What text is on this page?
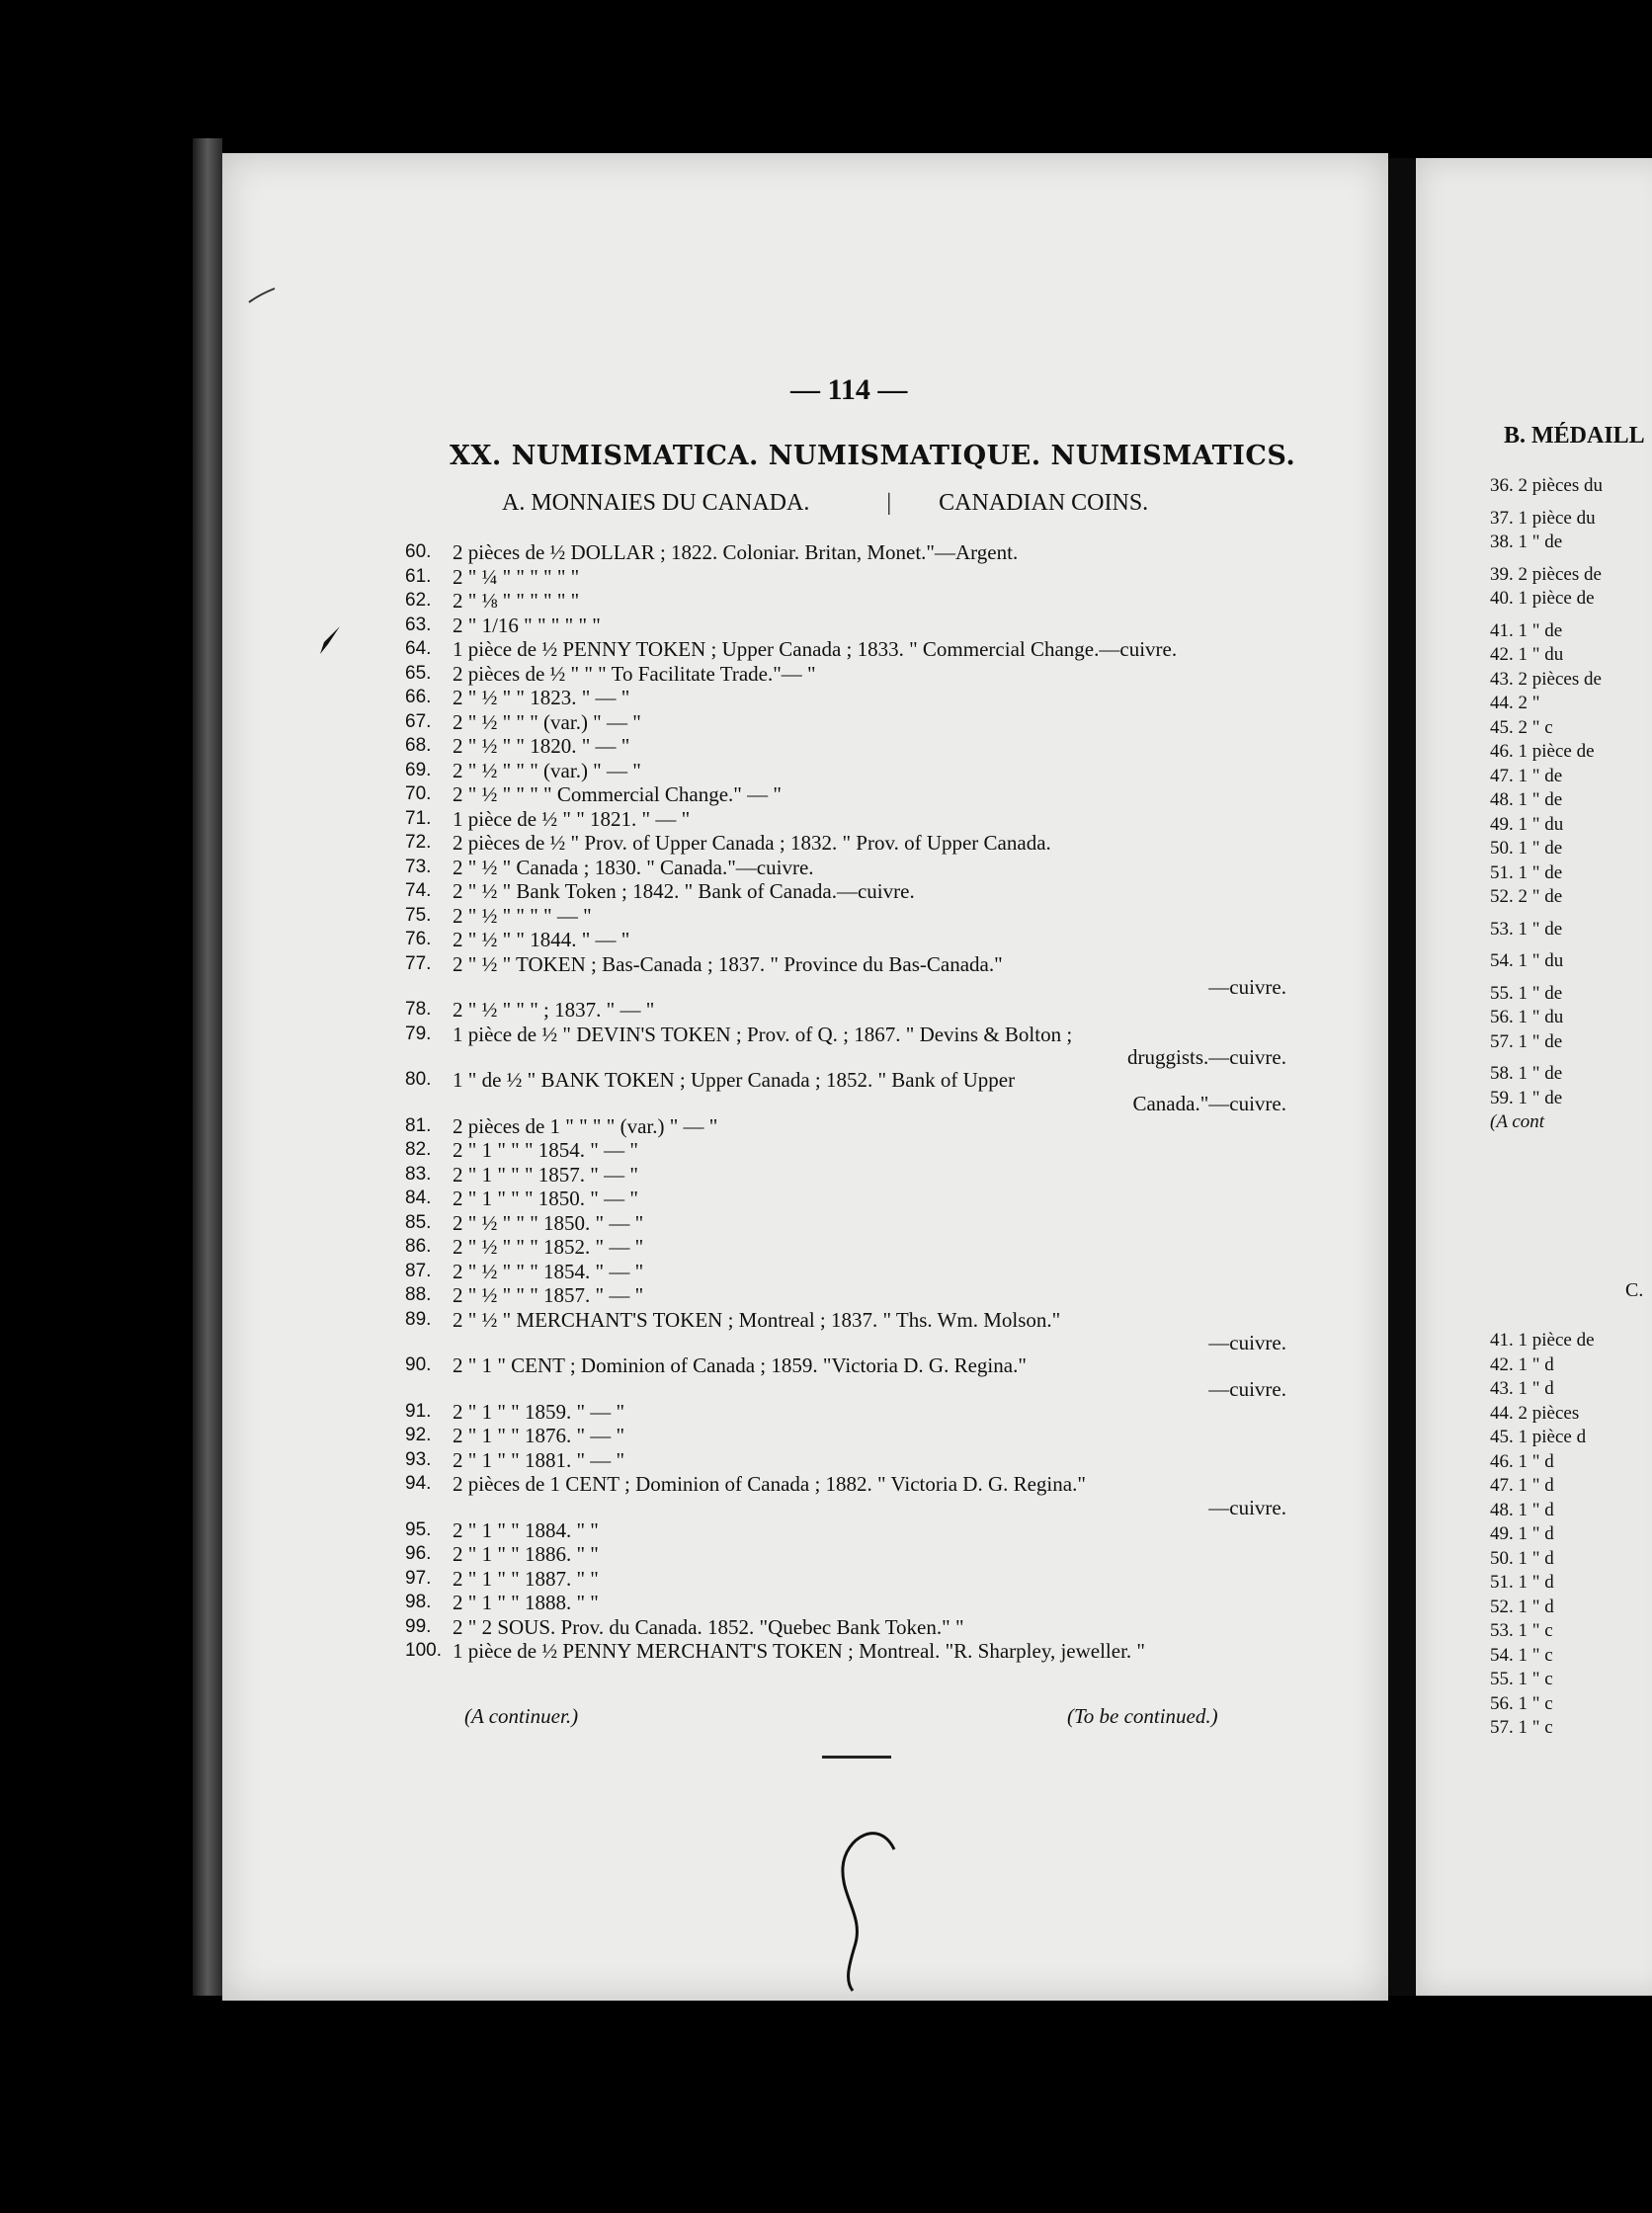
— 114 —
XX. NUMISMATICA. NUMISMATIQUE. NUMISMATICS.
A. MONNAIES DU CANADA.	| CANADIAN COINS.
60.	2 pièces de ½ DOLLAR ; 1822. Coloniar. Britan, Monet."—Argent.
61.	2 " ¼ " " " " " "
62.	2 " ⅛ " " " " " "
63.	2 " 1/16 " " " " " "
64.	1 pièce de ½ PENNY TOKEN ; Upper Canada ; 1833. " Commercial Change.—cuivre.
65.	2 pièces de ½ " " " To Facilitate Trade."— "
66.	2 " ½ " " 1823. " — "
67.	2 " ½ " " " (var.) " — "
68.	2 " ½ " " 1820. " — "
69.	2 " ½ " " " (var.) " — "
70.	2 " ½ " " " " Commercial Change." — "
71.	1 pièce de ½ " " 1821. " — "
72.	2 pièces de ½ " Prov. of Upper Canada ; 1832. " Prov. of Upper Canada.
73.	2 " ½ " Canada ; 1830. " Canada."—cuivre.
74.	2 " ½ " Bank Token ; 1842. " Bank of Canada.—cuivre.
75.	2 " ½ " " " " — "
76.	2 " ½ " " 1844. " — "
77.	2 " ½ " TOKEN ; Bas-Canada ; 1837. " Province du Bas-Canada."
—cuivre.
78.	2 " ½ " " " ; 1837. " — "
79.	1 pièce de ½ " DEVIN'S TOKEN ; Prov. of Q. ; 1867. " Devins & Bolton ;
druggists.—cuivre.
80.	1 " de ½ " BANK TOKEN ; Upper Canada ; 1852. " Bank of Upper
Canada."—cuivre.
81.	2 pièces de 1 " " " " (var.) " — "
82.	2 " 1 " " " 1854. " — "
83.	2 " 1 " " " 1857. " — "
84.	2 " 1 " " " 1850. " — "
85.	2 " ½ " " " 1850. " — "
86.	2 " ½ " " " 1852. " — "
87.	2 " ½ " " " 1854. " — "
88.	2 " ½ " " " 1857. " — "
89.	2 " ½ " MERCHANT'S TOKEN ; Montreal ; 1837. " Ths. Wm. Molson."
—cuivre.
90.	2 " 1 " CENT ; Dominion of Canada ; 1859. "Victoria D. G. Regina."
—cuivre.
91.	2 " 1 " " 1859. " — "
92.	2 " 1 " " 1876. " — "
93.	2 " 1 " " 1881. " — "
94.	2 pièces de 1 CENT ; Dominion of Canada ; 1882. " Victoria D. G. Regina."
—cuivre.
95.	2 " 1 " " 1884. " "
96.	2 " 1 " " 1886. " "
97.	2 " 1 " " 1887. " "
98.	2 " 1 " " 1888. " "
99.	2 " 2 SOUS. Prov. du Canada. 1852. "Quebec Bank Token." "
100. 1 pièce de ½ PENNY MERCHANT'S TOKEN ; Montreal. "R. Sharpley, jeweller. "
(A continuer.)	(To be continued.)
B. MÉDAILL
36. 2 pièces du
37. 1 pièce du
38. 1 " de
39. 2 pièces de
40. 1 pièce de
41. 1 " de
42. 1 " du
43. 2 pièces de
44. 2 "
45. 2 " c
46. 1 pièce de
47. 1 " de
48. 1 " de
49. 1 " du
50. 1 " de
51. 1 " de
52. 2 " de
53. 1 " de
54. 1 " du
55. 1 " de
56. 1 " du
57. 1 " de
58. 1 " de
59. 1 " de
(A cont
C.
41. 1 pièce de
42. 1 " d
43. 1 " d
44. 2 pièces
45. 1 pièce d
46. 1 " d
47. 1 " d
48. 1 " d
49. 1 " d
50. 1 " d
51. 1 " d
52. 1 " d
53. 1 " c
54. 1 " c
55. 1 " c
56. 1 " c
57. 1 " c
